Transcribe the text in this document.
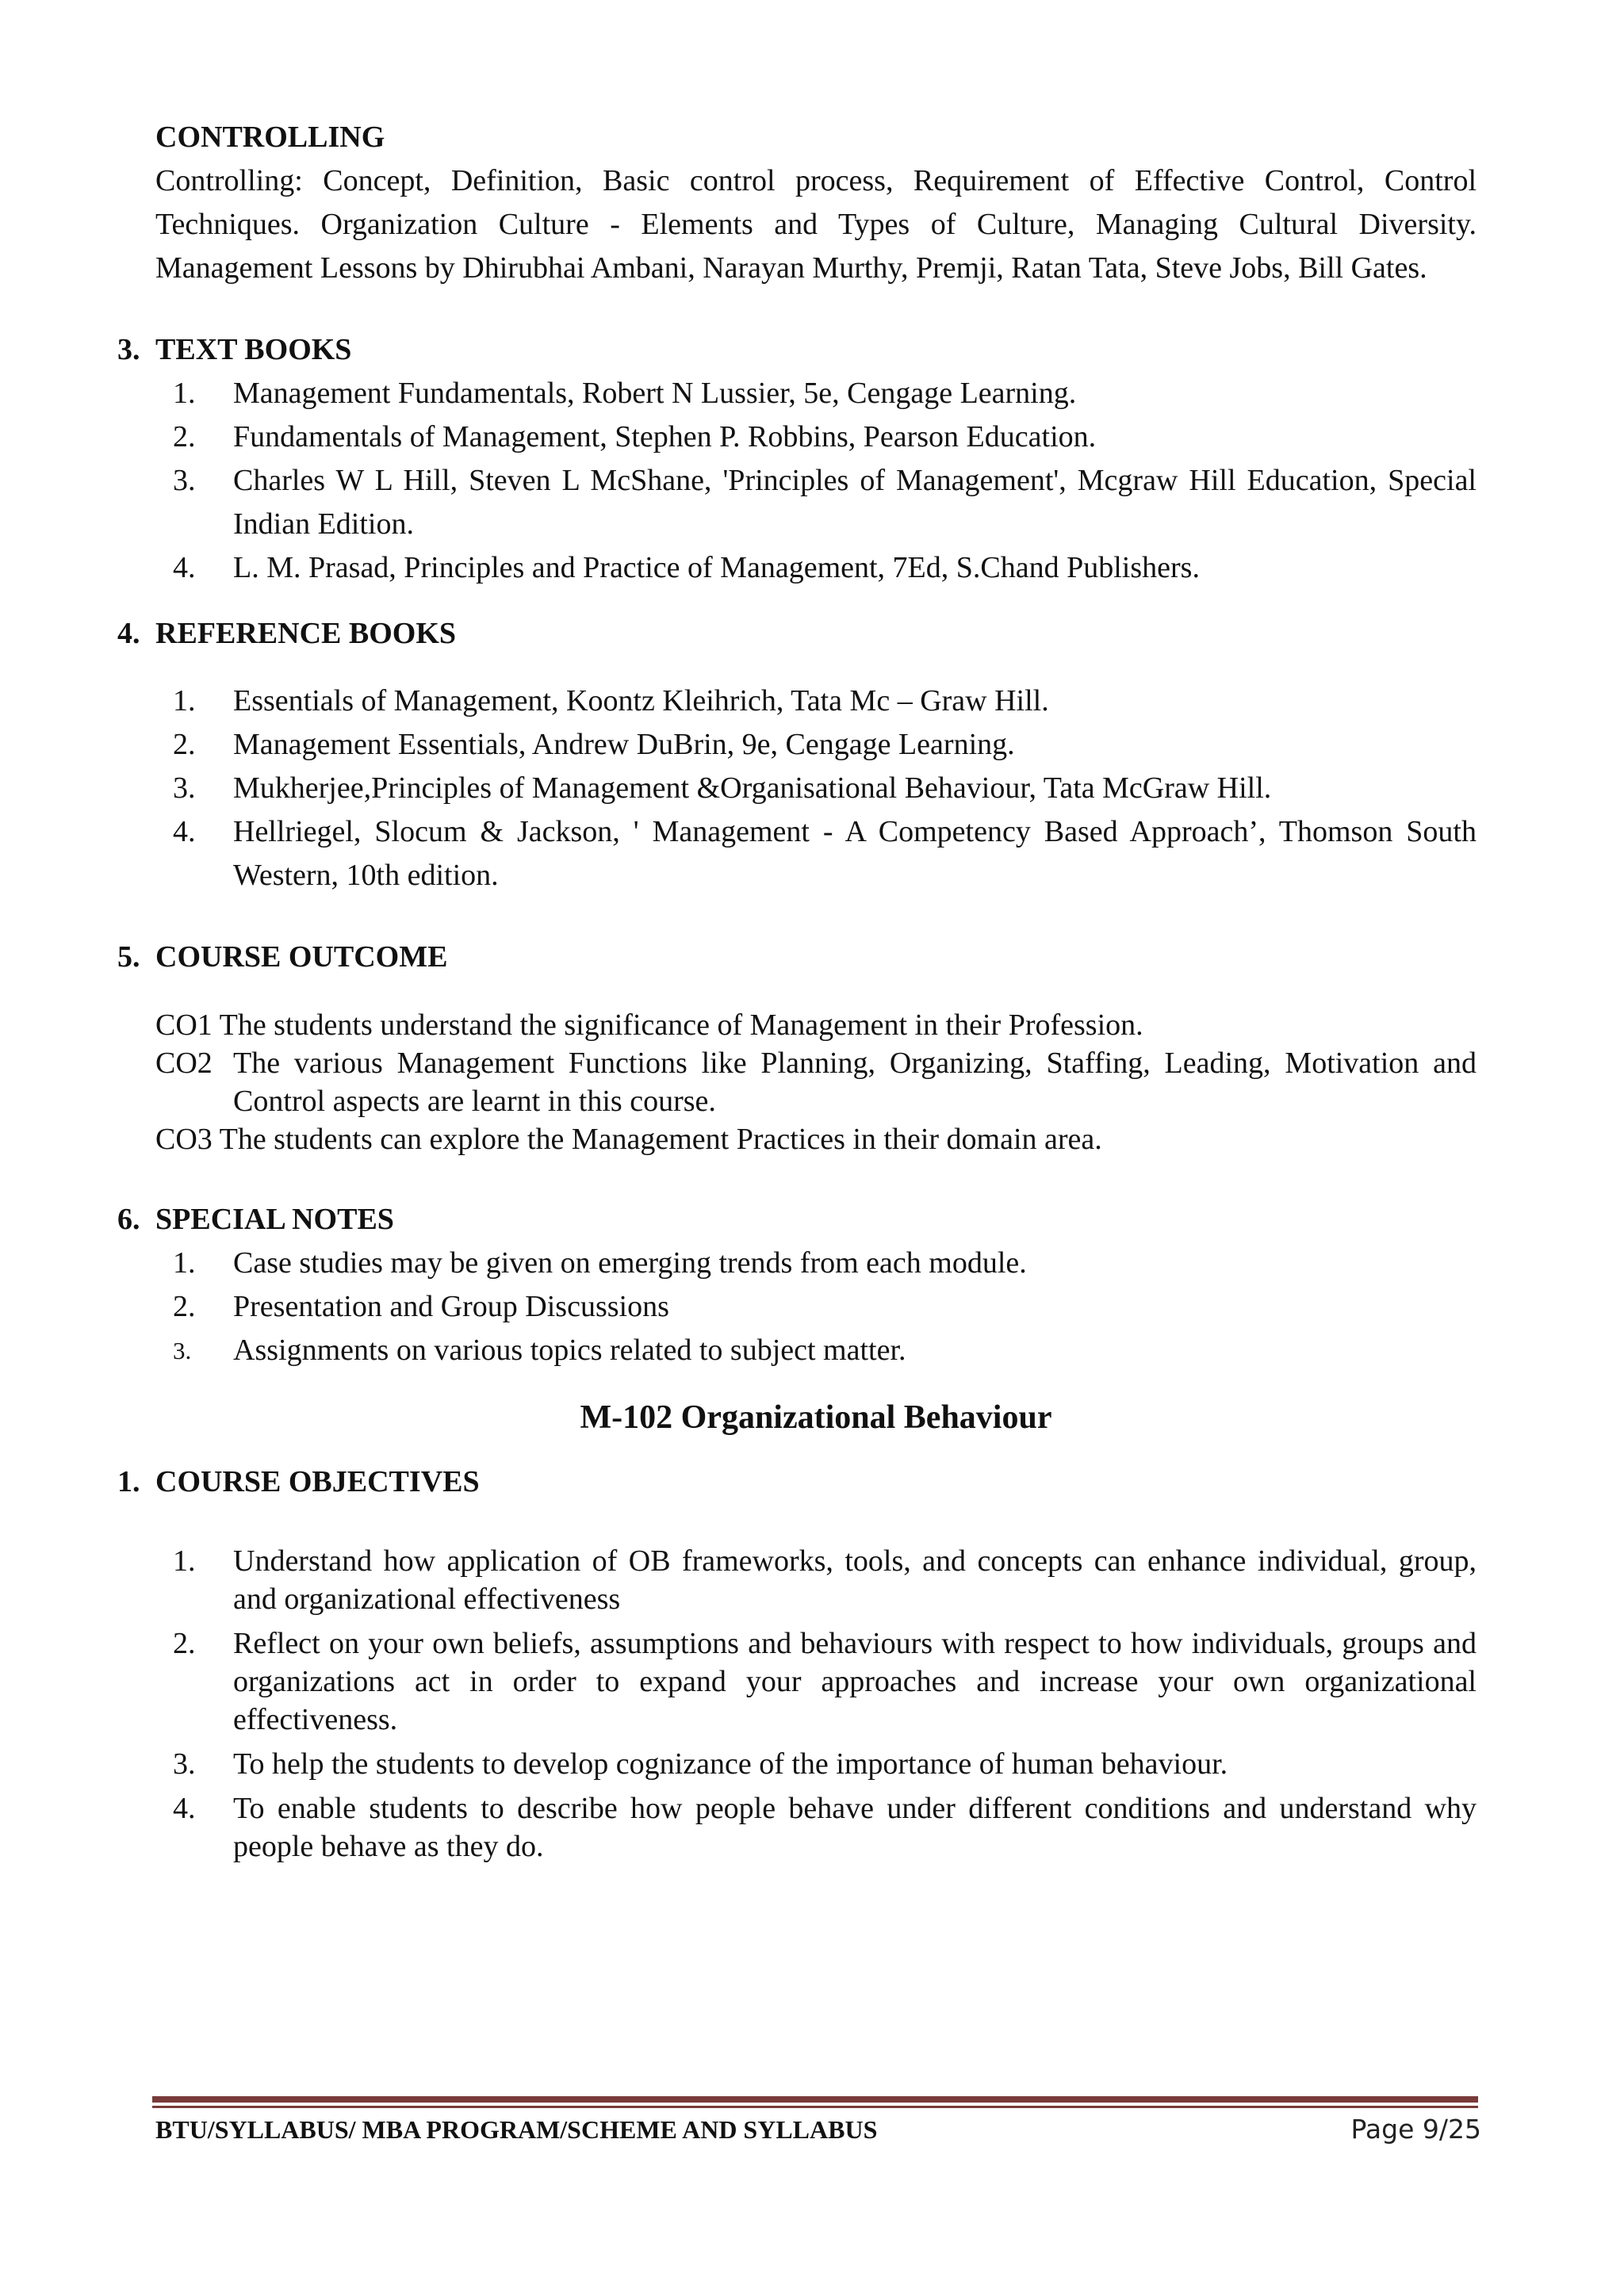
CONTROLLING

Controlling: Concept, Definition, Basic control process, Requirement of Effective Control, Control Techniques. Organization Culture - Elements and Types of Culture, Managing Cultural Diversity. Management Lessons by Dhirubhai Ambani, Narayan Murthy, Premji, Ratan Tata, Steve Jobs, Bill Gates.

3. TEXT BOOKS

1. Management Fundamentals, Robert N Lussier, 5e, Cengage Learning.
2. Fundamentals of Management, Stephen P. Robbins, Pearson Education.
3. Charles W L Hill, Steven L McShane, 'Principles of Management', Mcgraw Hill Education, Special Indian Edition.
4. L. M. Prasad, Principles and Practice of Management, 7Ed, S.Chand Publishers.

4. REFERENCE BOOKS

1. Essentials of Management, Koontz Kleihrich, Tata Mc – Graw Hill.
2. Management Essentials, Andrew DuBrin, 9e, Cengage Learning.
3. Mukherjee,Principles of Management &Organisational Behaviour, Tata McGraw Hill.
4. Hellriegel, Slocum & Jackson, ' Management - A Competency Based Approach’, Thomson South Western, 10th edition.

5. COURSE OUTCOME

CO1 The students understand the significance of Management in their Profession.

CO2 The various Management Functions like Planning, Organizing, Staffing, Leading, Motivation and Control aspects are learnt in this course.

CO3 The students can explore the Management Practices in their domain area.

6. SPECIAL NOTES

1. Case studies may be given on emerging trends from each module.
2. Presentation and Group Discussions
3. Assignments on various topics related to subject matter.

M-102 Organizational Behaviour

1. COURSE OBJECTIVES

1. Understand how application of OB frameworks, tools, and concepts can enhance individual, group, and organizational effectiveness
2. Reflect on your own beliefs, assumptions and behaviours with respect to how individuals, groups and organizations act in order to expand your approaches and increase your own organizational effectiveness.
3. To help the students to develop cognizance of the importance of human behaviour.
4. To enable students to describe how people behave under different conditions and understand why people behave as they do.
BTU/SYLLABUS/ MBA PROGRAM/SCHEME AND SYLLABUS	Page 9/25
